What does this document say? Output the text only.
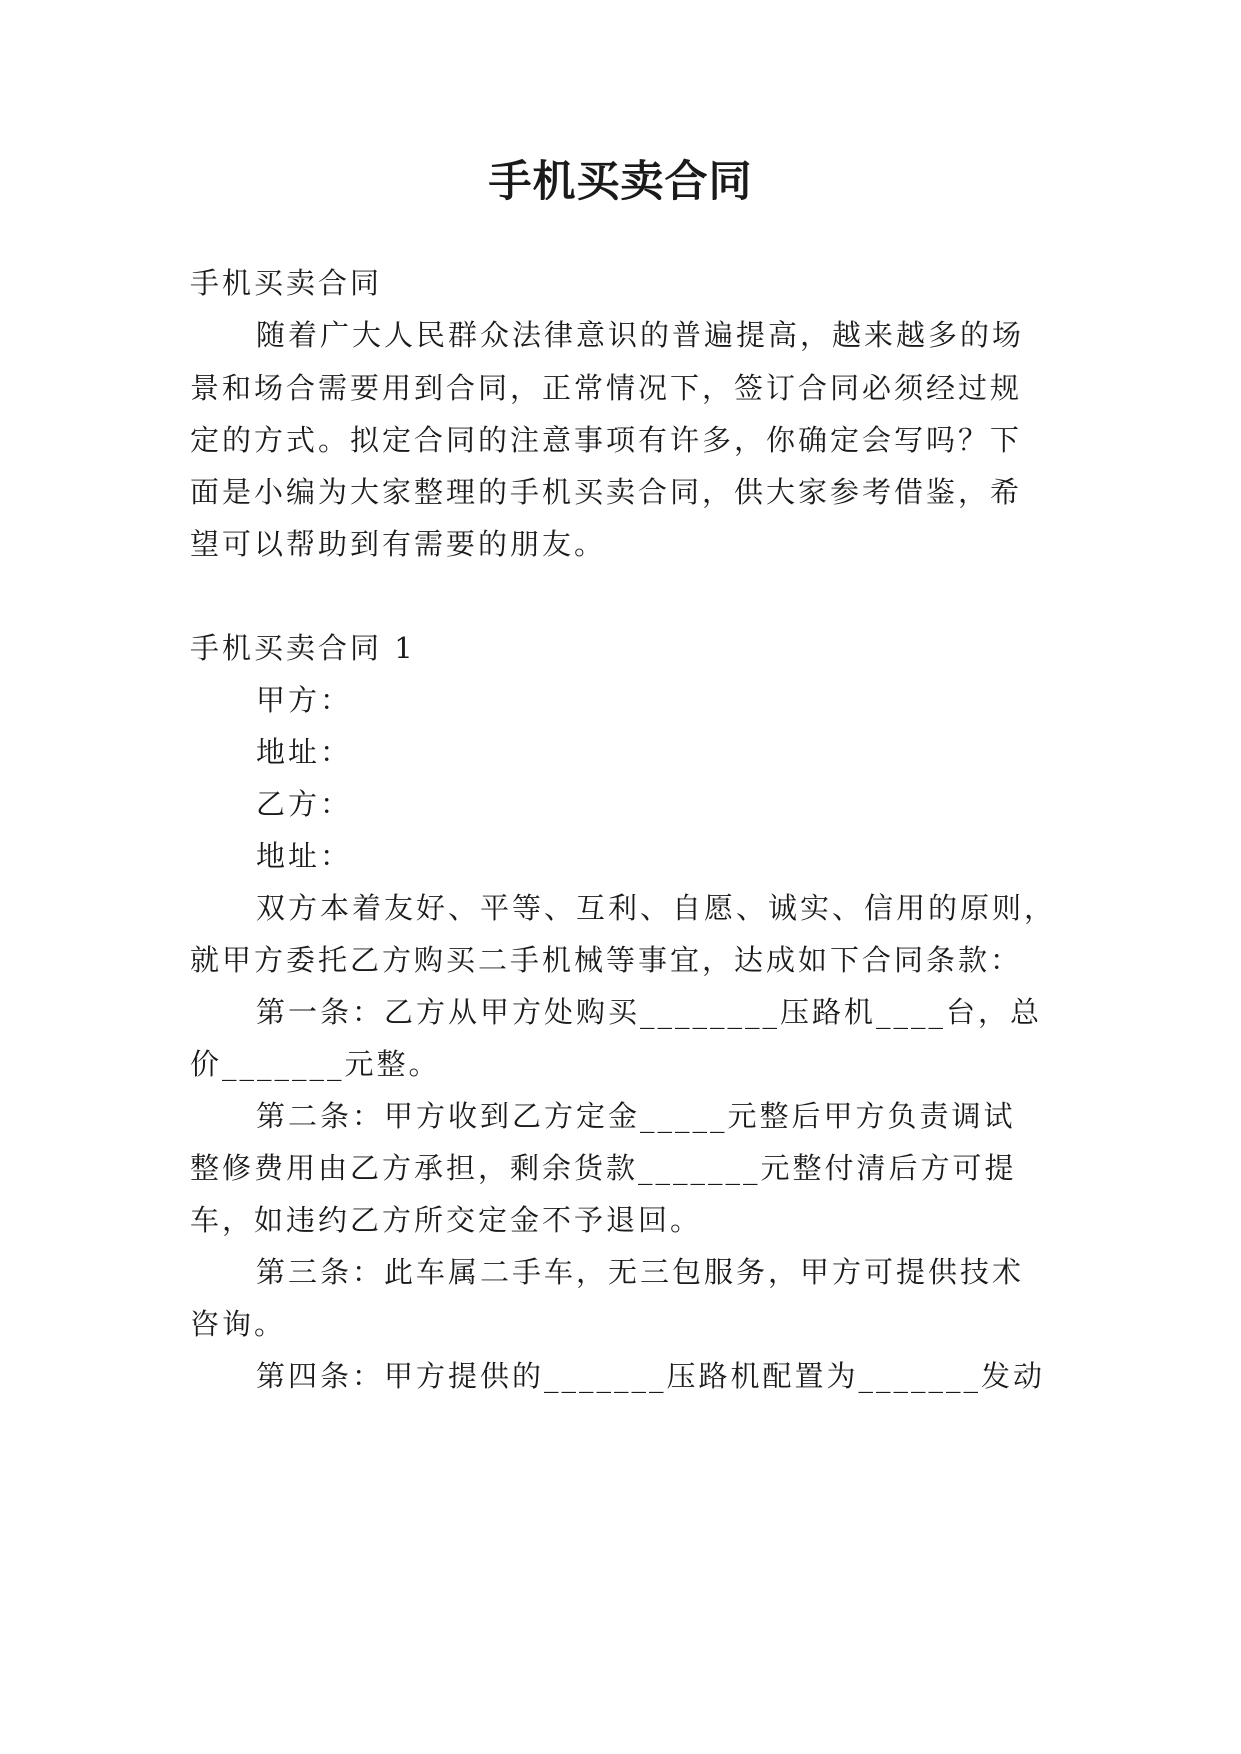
手机买卖合同

手机买卖合同

随着广大人民群众法律意识的普遍提高，越来越多的场

景和场合需要用到合同，正常情况下，签订合同必须经过规

定的方式。拟定合同的注意事项有许多，你确定会写吗？下

面是小编为大家整理的手机买卖合同，供大家参考借鉴，希

望可以帮助到有需要的朋友。

手机买卖合同 1

甲方：

地址：

乙方：

地址：

双方本着友好、平等、互利、自愿、诚实、信用的原则，

就甲方委托乙方购买二手机械等事宜，达成如下合同条款：

第一条：乙方从甲方处购买________压路机____台，总

价_______元整。

第二条：甲方收到乙方定金_____元整后甲方负责调试

整修费用由乙方承担，剩余货款_______元整付清后方可提

车，如违约乙方所交定金不予退回。

第三条：此车属二手车，无三包服务，甲方可提供技术

咨询。

第四条：甲方提供的_______压路机配置为_______发动
